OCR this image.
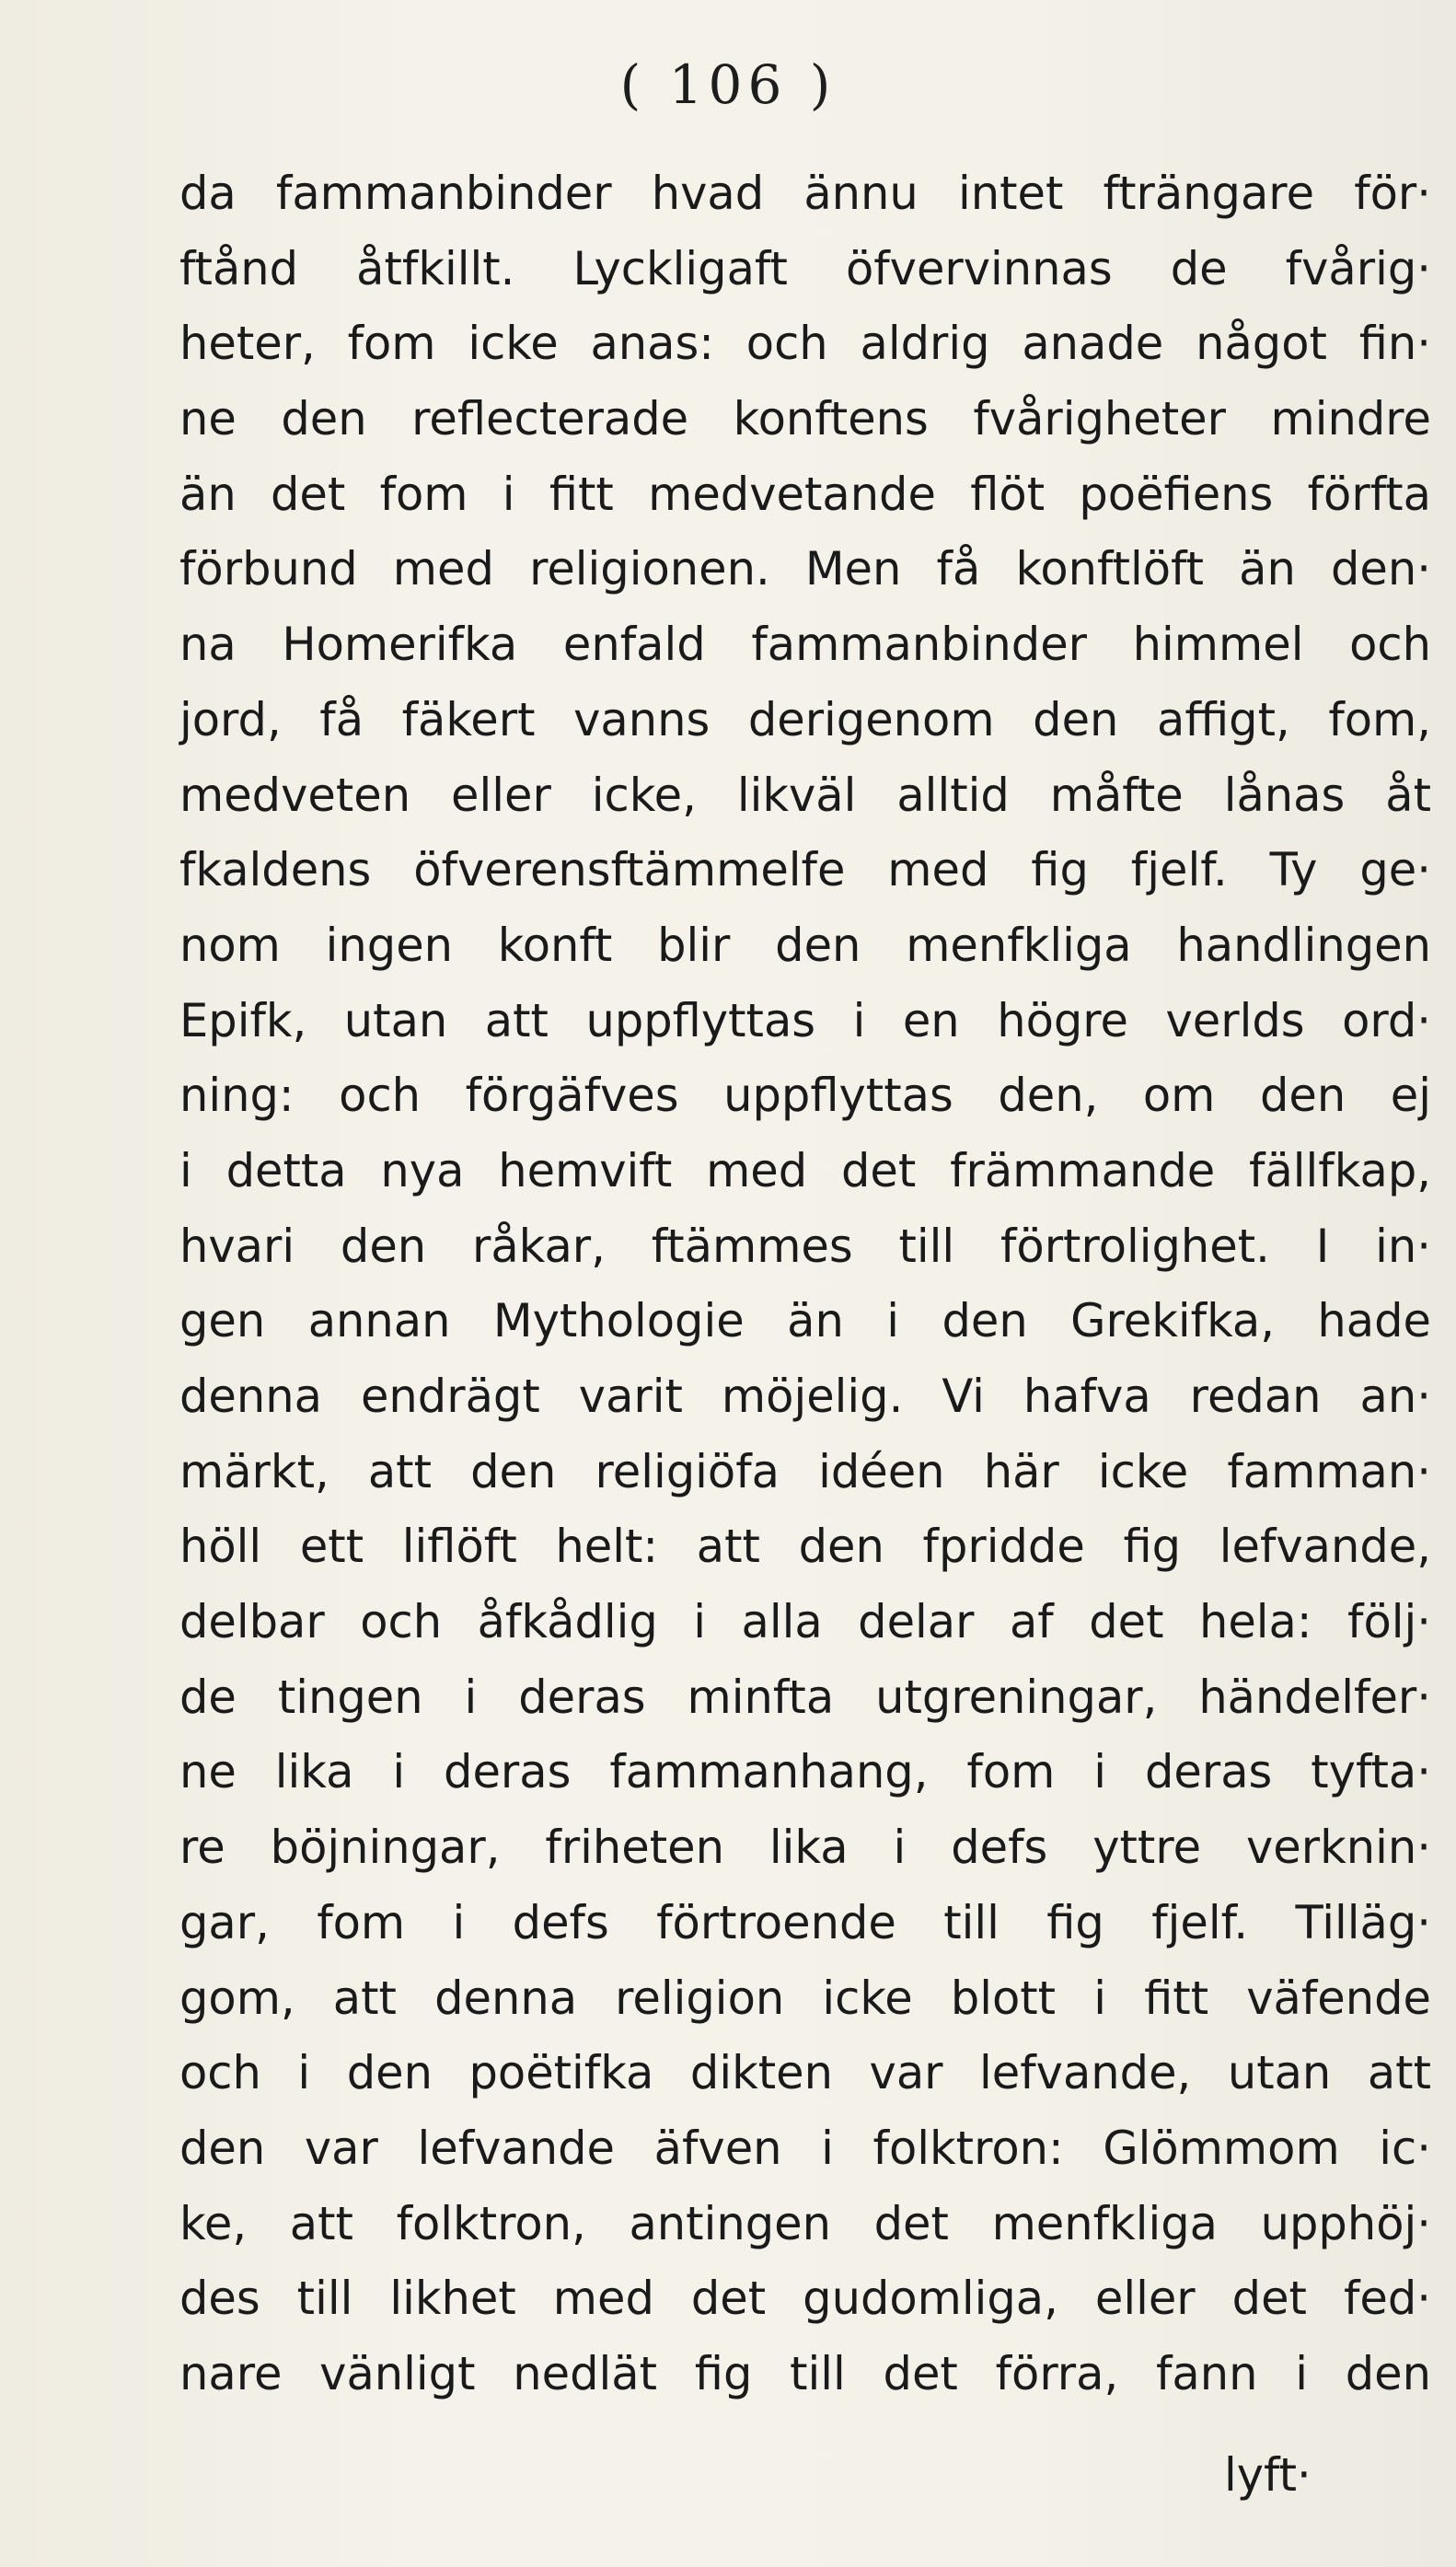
( 106 )
da fammanbinder hvad ännu intet fträngare för·
ftånd åtfkillt. Lyckligaft öfvervinnas de fvårig·
heter, fom icke anas: och aldrig anade något fin·
ne den reflecterade konftens fvårigheter mindre
än det fom i fitt medvetande flöt poëfiens förfta
förbund med religionen. Men få konftlöft än den·
na Homerifka enfald fammanbinder himmel och
jord, få fäkert vanns derigenom den affigt, fom,
medveten eller icke, likväl alltid måfte lånas åt
fkaldens öfverensftämmelfe med fig fjelf. Ty ge·
nom ingen konft blir den menfkliga handlingen
Epifk, utan att uppflyttas i en högre verlds ord·
ning: och förgäfves uppflyttas den, om den ej
i detta nya hemvift med det främmande fällfkap,
hvari den råkar, ftämmes till förtrolighet. I in·
gen annan Mythologie än i den Grekifka, hade
denna endrägt varit möjelig. Vi hafva redan an·
märkt, att den religiöfa idéen här icke famman·
höll ett liflöft helt: att den fpridde fig lefvande,
delbar och åfkådlig i alla delar af det hela: följ·
de tingen i deras minfta utgreningar, händelfer·
ne lika i deras fammanhang, fom i deras tyfta·
re böjningar, friheten lika i defs yttre verknin·
gar, fom i defs förtroende till fig fjelf. Tilläg·
gom, att denna religion icke blott i fitt väfende
och i den poëtifka dikten var lefvande, utan att
den var lefvande äfven i folktron: Glömmom ic·
ke, att folktron, antingen det menfkliga upphöj·
des till likhet med det gudomliga, eller det fed·
nare vänligt nedlät fig till det förra, fann i den
lyft·
